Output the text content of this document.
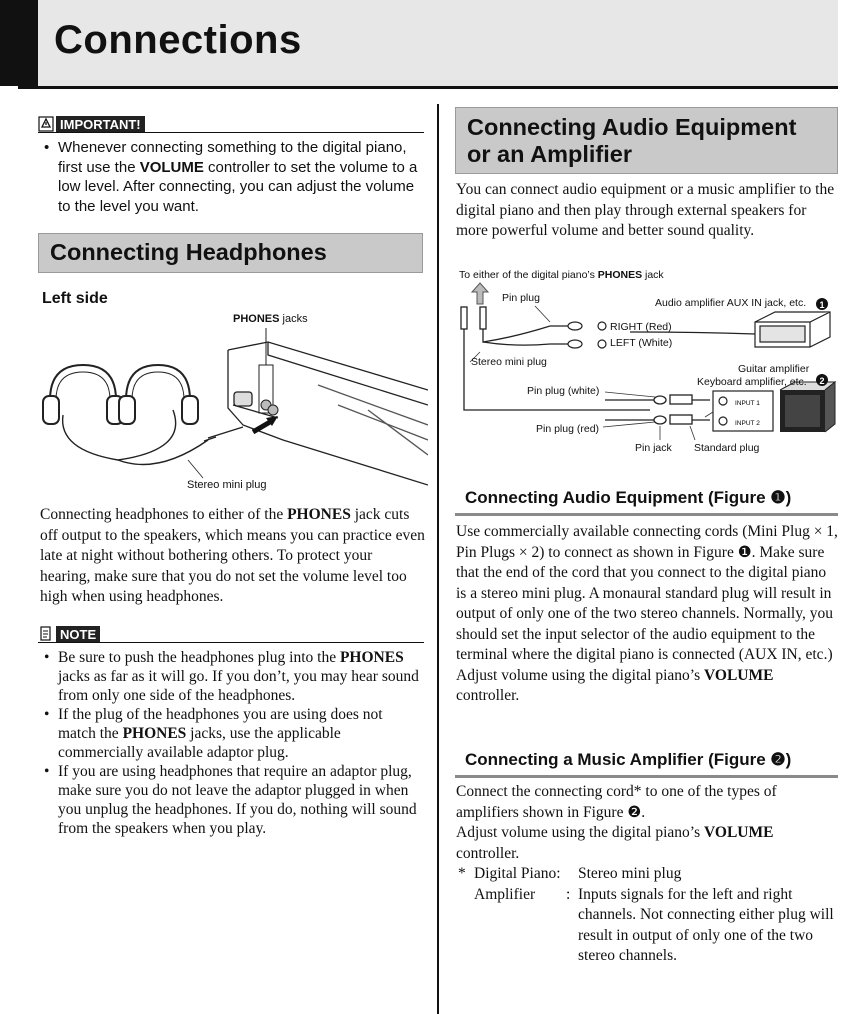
Connections
IMPORTANT!
• Whenever connecting something to the digital piano, first use the VOLUME controller to set the volume to a low level. After connecting, you can adjust the volume to the level you want.
Connecting Headphones
Left side
PHONES jacks
Stereo mini plug
Connecting headphones to either of the PHONES jack cuts off output to the speakers, which means you can practice even late at night without bothering others. To protect your hearing, make sure that you do not set the volume level too high when using headphones.
NOTE
• Be sure to push the headphones plug into the PHONES jacks as far as it will go. If you don’t, you may hear sound from only one side of the headphones.
• If the plug of the headphones you are using does not match the PHONES jacks, use the applicable commercially available adaptor plug.
• If you are using headphones that require an adaptor plug, make sure you do not leave the adaptor plugged in when you unplug the headphones. If you do, nothing will sound from the speakers when you play.
Connecting Audio Equipment
or an Amplifier
You can connect audio equipment or a music amplifier to the digital piano and then play through external speakers for more powerful volume and better sound quality.
To either of the digital piano’s PHONES jack
1
2
INPUT 1
INPUT 2
Pin plug	Audio amplifier AUX IN jack, etc.
RIGHT (Red)
LEFT (White)
Stereo mini plug
Guitar amplifier
Keyboard amplifier, etc.
Pin plug (white)
Pin plug (red)
Pin jack Standard plug
Connecting Audio Equipment (Figure ❶)
Use commercially available connecting cords (Mini Plug × 1, Pin Plugs × 2) to connect as shown in Figure ❶. Make sure that the end of the cord that you connect to the digital piano is a stereo mini plug. A monaural standard plug will result in output of only one of the two stereo channels. Normally, you should set the input selector of the audio equipment to the terminal where the digital piano is connected (AUX IN, etc.) Adjust volume using the digital piano’s VOLUME controller.
Connecting a Music Amplifier (Figure ❷)
Connect the connecting cord* to one of the types of amplifiers shown in Figure ❷.
Adjust volume using the digital piano’s VOLUME controller.
* Digital Piano:	Stereo mini plug
Amplifier	: Inputs signals for the left and right channels. Not connecting either plug will result in output of only one of the two stereo channels.
